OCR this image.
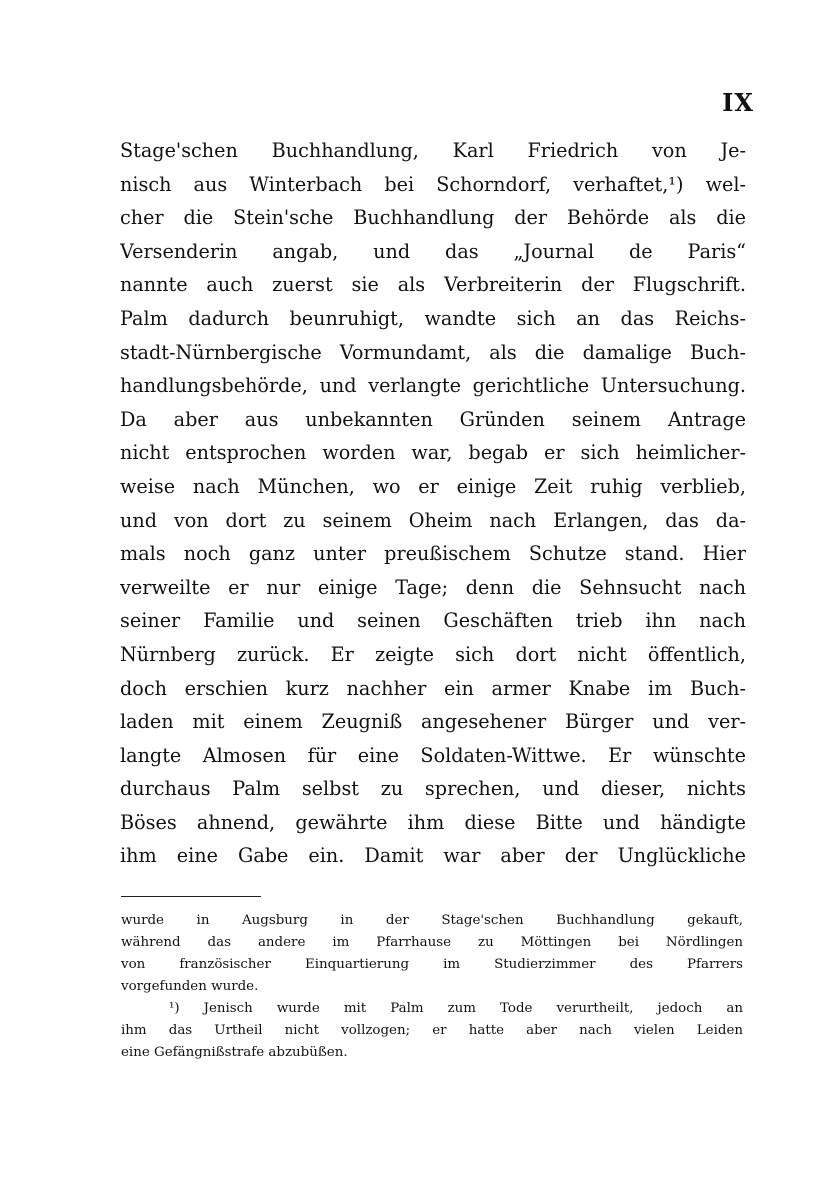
IX
Stage'schen Buchhandlung, Karl Friedrich von Je-
nisch aus Winterbach bei Schorndorf, verhaftet,¹) wel-
cher die Stein'sche Buchhandlung der Behörde als die
Versenderin angab, und das „Journal de Paris“
nannte auch zuerst sie als Verbreiterin der Flugschrift.
Palm dadurch beunruhigt, wandte sich an das Reichs-
stadt-Nürnbergische Vormundamt, als die damalige Buch-
handlungsbehörde, und verlangte gerichtliche Untersuchung.
Da aber aus unbekannten Gründen seinem Antrage
nicht entsprochen worden war, begab er sich heimlicher-
weise nach München, wo er einige Zeit ruhig verblieb,
und von dort zu seinem Oheim nach Erlangen, das da-
mals noch ganz unter preußischem Schutze stand. Hier
verweilte er nur einige Tage; denn die Sehnsucht nach
seiner Familie und seinen Geschäften trieb ihn nach
Nürnberg zurück. Er zeigte sich dort nicht öffentlich,
doch erschien kurz nachher ein armer Knabe im Buch-
laden mit einem Zeugniß angesehener Bürger und ver-
langte Almosen für eine Soldaten-Wittwe. Er wünschte
durchaus Palm selbst zu sprechen, und dieser, nichts
Böses ahnend, gewährte ihm diese Bitte und händigte
ihm eine Gabe ein. Damit war aber der Unglückliche
wurde in Augsburg in der Stage'schen Buchhandlung gekauft,
während das andere im Pfarrhause zu Möttingen bei Nördlingen
von französischer Einquartierung im Studierzimmer des Pfarrers
vorgefunden wurde.
¹) Jenisch wurde mit Palm zum Tode verurtheilt, jedoch an
ihm das Urtheil nicht vollzogen; er hatte aber nach vielen Leiden
eine Gefängnißstrafe abzubüßen.
